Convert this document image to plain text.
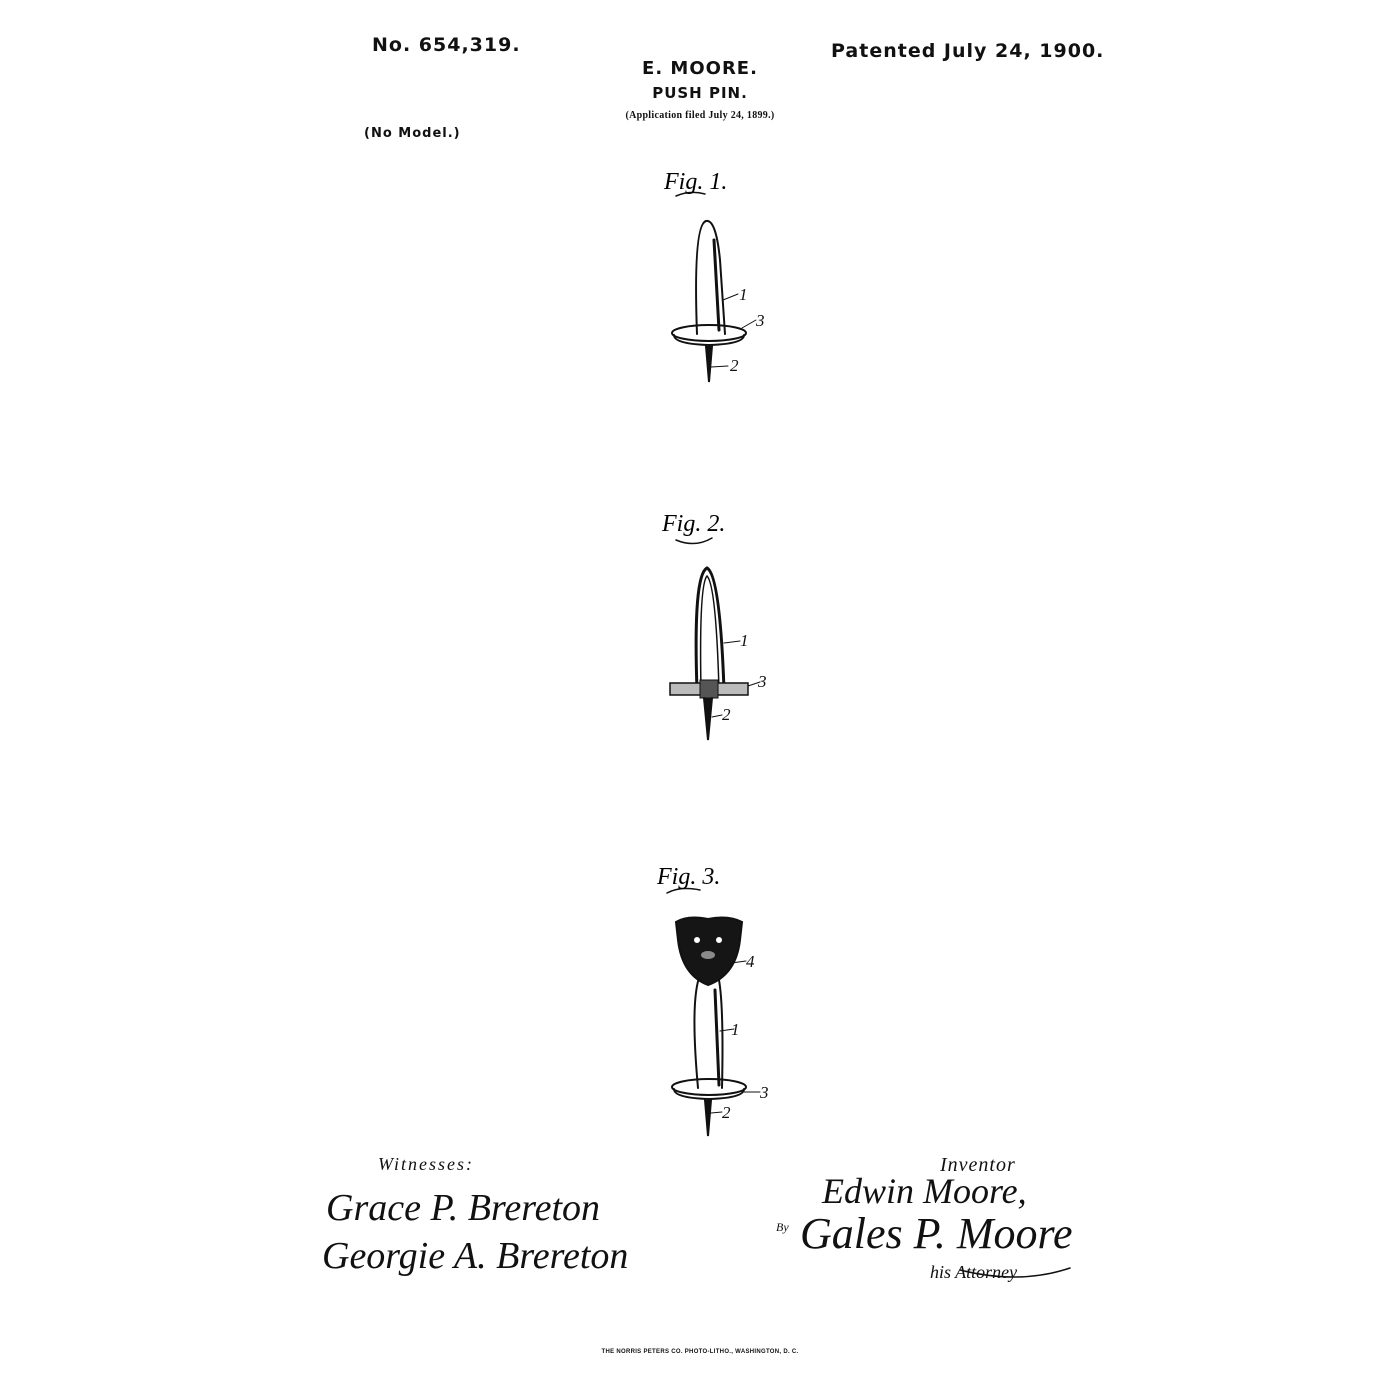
No. 654,319.	Patented July 24, 1900.
E. MOORE.
PUSH PIN.
(Application filed July 24, 1899.)
(No Model.)
Fig. 1.
Fig. 2.
Fig. 3.
1
3
2
1
3
2
4
1
3
2
Witnesses:
Grace P. Brereton
Georgie A. Brereton
Inventor
Edwin Moore,
By Gales P. Moore
his Attorney
THE NORRIS PETERS CO. PHOTO-LITHO., WASHINGTON, D. C.
